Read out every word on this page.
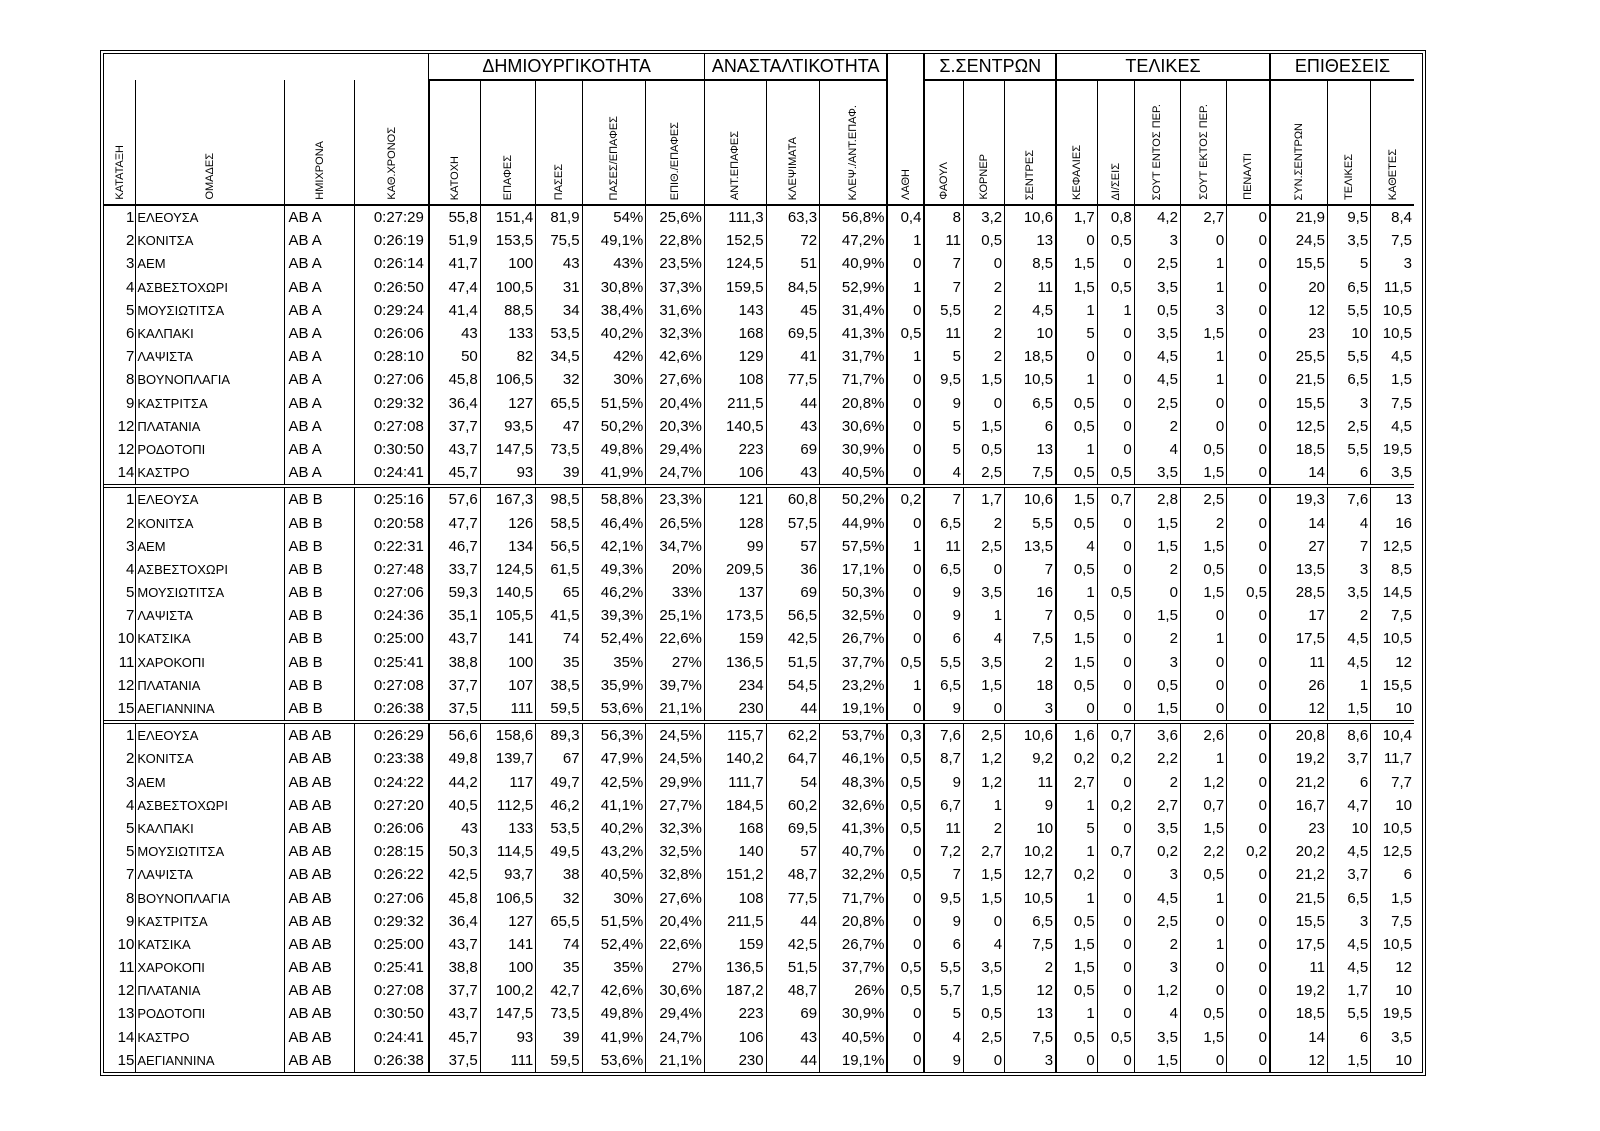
				ΔΗΜΙΟΥΡΓΙΚΟΤΗΤΑ					ΑΝΑΣΤΑΛΤΙΚΟΤΗΤΑ				Σ.ΣΕΝΤΡΩΝ			ΤΕΛΙΚΕΣ					ΕΠΙΘΕΣΕΙΣ		

ΚΑΤΑΤΑΞΗ	ΟΜΑΔΕΣ	ΗΜΙΧΡΟΝΑ	ΚΑΘ.ΧΡΟΝΟΣ	ΚΑΤΟΧΗ	ΕΠΑΦΕΣ	ΠΑΣΕΣ	ΠΑΣΕΣ/ΕΠΑΦΕΣ	ΕΠΙΘ./ΕΠΑΦΕΣ	ΑΝΤ.ΕΠΑΦΕΣ	ΚΛΕΨΙΜΑΤΑ	ΚΛΕΨ./ΑΝΤ.ΕΠΑΦ.	ΛΑΘΗ	ΦΑΟΥΛ	ΚΟΡΝΕΡ	ΣΕΝΤΡΕΣ	ΚΕΦΑΛΙΕΣ	ΔΙ/ΣΕΙΣ	ΣΟΥΤ ΕΝΤΟΣ ΠΕΡ.	ΣΟΥΤ ΕΚΤΟΣ ΠΕΡ.	ΠΕΝΑΛΤΙ	ΣΥΝ.ΣΕΝΤΡΩΝ	ΤΕΛΙΚΕΣ	ΚΑΘΕΤΕΣ

1	ΕΛΕΟΥΣΑ	ΑΒ Α	0:27:29	55,8	151,4	81,9	54%	25,6%	111,3	63,3	56,8%	0,4	8	3,2	10,6	1,7	0,8	4,2	2,7	0	21,9	9,5	8,4
2	ΚΟΝΙΤΣΑ	ΑΒ Α	0:26:19	51,9	153,5	75,5	49,1%	22,8%	152,5	72	47,2%	1	11	0,5	13	0	0,5	3	0	0	24,5	3,5	7,5
3	ΑΕΜ	ΑΒ Α	0:26:14	41,7	100	43	43%	23,5%	124,5	51	40,9%	0	7	0	8,5	1,5	0	2,5	1	0	15,5	5	3
4	ΑΣΒΕΣΤΟΧΩΡΙ	ΑΒ Α	0:26:50	47,4	100,5	31	30,8%	37,3%	159,5	84,5	52,9%	1	7	2	11	1,5	0,5	3,5	1	0	20	6,5	11,5
5	ΜΟΥΣΙΩΤΙΤΣΑ	ΑΒ Α	0:29:24	41,4	88,5	34	38,4%	31,6%	143	45	31,4%	0	5,5	2	4,5	1	1	0,5	3	0	12	5,5	10,5
6	ΚΑΛΠΑΚΙ	ΑΒ Α	0:26:06	43	133	53,5	40,2%	32,3%	168	69,5	41,3%	0,5	11	2	10	5	0	3,5	1,5	0	23	10	10,5
7	ΛΑΨΙΣΤΑ	ΑΒ Α	0:28:10	50	82	34,5	42%	42,6%	129	41	31,7%	1	5	2	18,5	0	0	4,5	1	0	25,5	5,5	4,5
8	ΒΟΥΝΟΠΛΑΓΙΑ	ΑΒ Α	0:27:06	45,8	106,5	32	30%	27,6%	108	77,5	71,7%	0	9,5	1,5	10,5	1	0	4,5	1	0	21,5	6,5	1,5
9	ΚΑΣΤΡΙΤΣΑ	ΑΒ Α	0:29:32	36,4	127	65,5	51,5%	20,4%	211,5	44	20,8%	0	9	0	6,5	0,5	0	2,5	0	0	15,5	3	7,5
12	ΠΛΑΤΑΝΙΑ	ΑΒ Α	0:27:08	37,7	93,5	47	50,2%	20,3%	140,5	43	30,6%	0	5	1,5	6	0,5	0	2	0	0	12,5	2,5	4,5
12	ΡΟΔΟΤΟΠΙ	ΑΒ Α	0:30:50	43,7	147,5	73,5	49,8%	29,4%	223	69	30,9%	0	5	0,5	13	1	0	4	0,5	0	18,5	5,5	19,5
14	ΚΑΣΤΡΟ	ΑΒ Α	0:24:41	45,7	93	39	41,9%	24,7%	106	43	40,5%	0	4	2,5	7,5	0,5	0,5	3,5	1,5	0	14	6	3,5
1	ΕΛΕΟΥΣΑ	ΑΒ Β	0:25:16	57,6	167,3	98,5	58,8%	23,3%	121	60,8	50,2%	0,2	7	1,7	10,6	1,5	0,7	2,8	2,5	0	19,3	7,6	13
2	ΚΟΝΙΤΣΑ	ΑΒ Β	0:20:58	47,7	126	58,5	46,4%	26,5%	128	57,5	44,9%	0	6,5	2	5,5	0,5	0	1,5	2	0	14	4	16
3	ΑΕΜ	ΑΒ Β	0:22:31	46,7	134	56,5	42,1%	34,7%	99	57	57,5%	1	11	2,5	13,5	4	0	1,5	1,5	0	27	7	12,5
4	ΑΣΒΕΣΤΟΧΩΡΙ	ΑΒ Β	0:27:48	33,7	124,5	61,5	49,3%	20%	209,5	36	17,1%	0	6,5	0	7	0,5	0	2	0,5	0	13,5	3	8,5
5	ΜΟΥΣΙΩΤΙΤΣΑ	ΑΒ Β	0:27:06	59,3	140,5	65	46,2%	33%	137	69	50,3%	0	9	3,5	16	1	0,5	0	1,5	0,5	28,5	3,5	14,5
7	ΛΑΨΙΣΤΑ	ΑΒ Β	0:24:36	35,1	105,5	41,5	39,3%	25,1%	173,5	56,5	32,5%	0	9	1	7	0,5	0	1,5	0	0	17	2	7,5
10	ΚΑΤΣΙΚΑ	ΑΒ Β	0:25:00	43,7	141	74	52,4%	22,6%	159	42,5	26,7%	0	6	4	7,5	1,5	0	2	1	0	17,5	4,5	10,5
11	ΧΑΡΟΚΟΠΙ	ΑΒ Β	0:25:41	38,8	100	35	35%	27%	136,5	51,5	37,7%	0,5	5,5	3,5	2	1,5	0	3	0	0	11	4,5	12
12	ΠΛΑΤΑΝΙΑ	ΑΒ Β	0:27:08	37,7	107	38,5	35,9%	39,7%	234	54,5	23,2%	1	6,5	1,5	18	0,5	0	0,5	0	0	26	1	15,5
15	ΑΕΓΙΑΝΝΙΝΑ	ΑΒ Β	0:26:38	37,5	111	59,5	53,6%	21,1%	230	44	19,1%	0	9	0	3	0	0	1,5	0	0	12	1,5	10
1	ΕΛΕΟΥΣΑ	ΑΒ ΑΒ	0:26:29	56,6	158,6	89,3	56,3%	24,5%	115,7	62,2	53,7%	0,3	7,6	2,5	10,6	1,6	0,7	3,6	2,6	0	20,8	8,6	10,4
2	ΚΟΝΙΤΣΑ	ΑΒ ΑΒ	0:23:38	49,8	139,7	67	47,9%	24,5%	140,2	64,7	46,1%	0,5	8,7	1,2	9,2	0,2	0,2	2,2	1	0	19,2	3,7	11,7
3	ΑΕΜ	ΑΒ ΑΒ	0:24:22	44,2	117	49,7	42,5%	29,9%	111,7	54	48,3%	0,5	9	1,2	11	2,7	0	2	1,2	0	21,2	6	7,7
4	ΑΣΒΕΣΤΟΧΩΡΙ	ΑΒ ΑΒ	0:27:20	40,5	112,5	46,2	41,1%	27,7%	184,5	60,2	32,6%	0,5	6,7	1	9	1	0,2	2,7	0,7	0	16,7	4,7	10
5	ΚΑΛΠΑΚΙ	ΑΒ ΑΒ	0:26:06	43	133	53,5	40,2%	32,3%	168	69,5	41,3%	0,5	11	2	10	5	0	3,5	1,5	0	23	10	10,5
5	ΜΟΥΣΙΩΤΙΤΣΑ	ΑΒ ΑΒ	0:28:15	50,3	114,5	49,5	43,2%	32,5%	140	57	40,7%	0	7,2	2,7	10,2	1	0,7	0,2	2,2	0,2	20,2	4,5	12,5
7	ΛΑΨΙΣΤΑ	ΑΒ ΑΒ	0:26:22	42,5	93,7	38	40,5%	32,8%	151,2	48,7	32,2%	0,5	7	1,5	12,7	0,2	0	3	0,5	0	21,2	3,7	6
8	ΒΟΥΝΟΠΛΑΓΙΑ	ΑΒ ΑΒ	0:27:06	45,8	106,5	32	30%	27,6%	108	77,5	71,7%	0	9,5	1,5	10,5	1	0	4,5	1	0	21,5	6,5	1,5
9	ΚΑΣΤΡΙΤΣΑ	ΑΒ ΑΒ	0:29:32	36,4	127	65,5	51,5%	20,4%	211,5	44	20,8%	0	9	0	6,5	0,5	0	2,5	0	0	15,5	3	7,5
10	ΚΑΤΣΙΚΑ	ΑΒ ΑΒ	0:25:00	43,7	141	74	52,4%	22,6%	159	42,5	26,7%	0	6	4	7,5	1,5	0	2	1	0	17,5	4,5	10,5
11	ΧΑΡΟΚΟΠΙ	ΑΒ ΑΒ	0:25:41	38,8	100	35	35%	27%	136,5	51,5	37,7%	0,5	5,5	3,5	2	1,5	0	3	0	0	11	4,5	12
12	ΠΛΑΤΑΝΙΑ	ΑΒ ΑΒ	0:27:08	37,7	100,2	42,7	42,6%	30,6%	187,2	48,7	26%	0,5	5,7	1,5	12	0,5	0	1,2	0	0	19,2	1,7	10
13	ΡΟΔΟΤΟΠΙ	ΑΒ ΑΒ	0:30:50	43,7	147,5	73,5	49,8%	29,4%	223	69	30,9%	0	5	0,5	13	1	0	4	0,5	0	18,5	5,5	19,5
14	ΚΑΣΤΡΟ	ΑΒ ΑΒ	0:24:41	45,7	93	39	41,9%	24,7%	106	43	40,5%	0	4	2,5	7,5	0,5	0,5	3,5	1,5	0	14	6	3,5
15	ΑΕΓΙΑΝΝΙΝΑ	ΑΒ ΑΒ	0:26:38	37,5	111	59,5	53,6%	21,1%	230	44	19,1%	0	9	0	3	0	0	1,5	0	0	12	1,5	10
